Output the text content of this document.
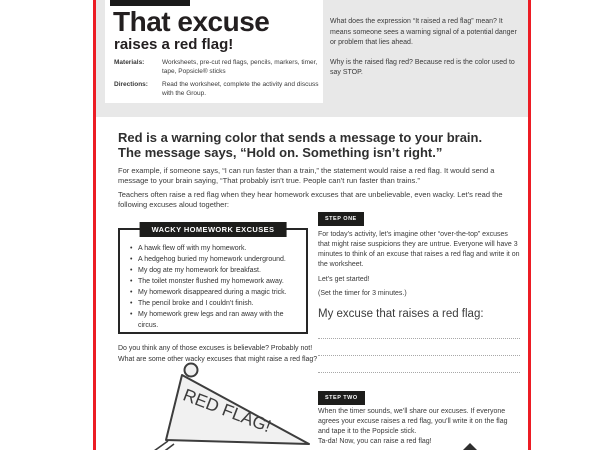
That excuse
raises a red flag!
Materials:	Worksheets, pre-cut red flags, pencils, markers, timer, tape, Popsicle® sticks
Directions:	Read the worksheet, complete the activity and discuss with the Group.

What does the expression “It raised a red flag” mean? It means someone sees a warning signal of a potential danger or problem that lies ahead.

Why is the raised flag red? Because red is the color used to say STOP.

Red is a warning color that sends a message to your brain.
The message says, “Hold on. Something isn’t right.”
For example, if someone says, “I can run faster than a train,” the statement would raise a red flag. It would send a message to your brain saying, “That probably isn’t true. People can’t run faster than trains.”
Teachers often raise a red flag when they hear homework excuses that are unbelievable, even wacky. Let’s read the following excuses aloud together:
WACKY HOMEWORK EXCUSES
• A hawk flew off with my homework.
• A hedgehog buried my homework underground.
• My dog ate my homework for breakfast.
• The toilet monster flushed my homework away.
• My homework disappeared during a magic trick.
• The pencil broke and I couldn’t finish.
• My homework grew legs and ran away with the circus.
Do you think any of those excuses is believable? Probably not!
What are some other wacky excuses that might raise a red flag?
RED FLAG!
STEP ONE
For today’s activity, let’s imagine other “over-the-top” excuses that might raise suspicions they are untrue. Everyone will have 3 minutes to think of an excuse that raises a red flag and write it on the worksheet.
Let’s get started!
(Set the timer for 3 minutes.)
My excuse that raises a red flag:
STEP TWO
When the timer sounds, we’ll share our excuses. If everyone agrees your excuse raises a red flag, you’ll write it on the flag and tape it to the Popsicle stick.
Ta-da! Now, you can raise a red flag!
